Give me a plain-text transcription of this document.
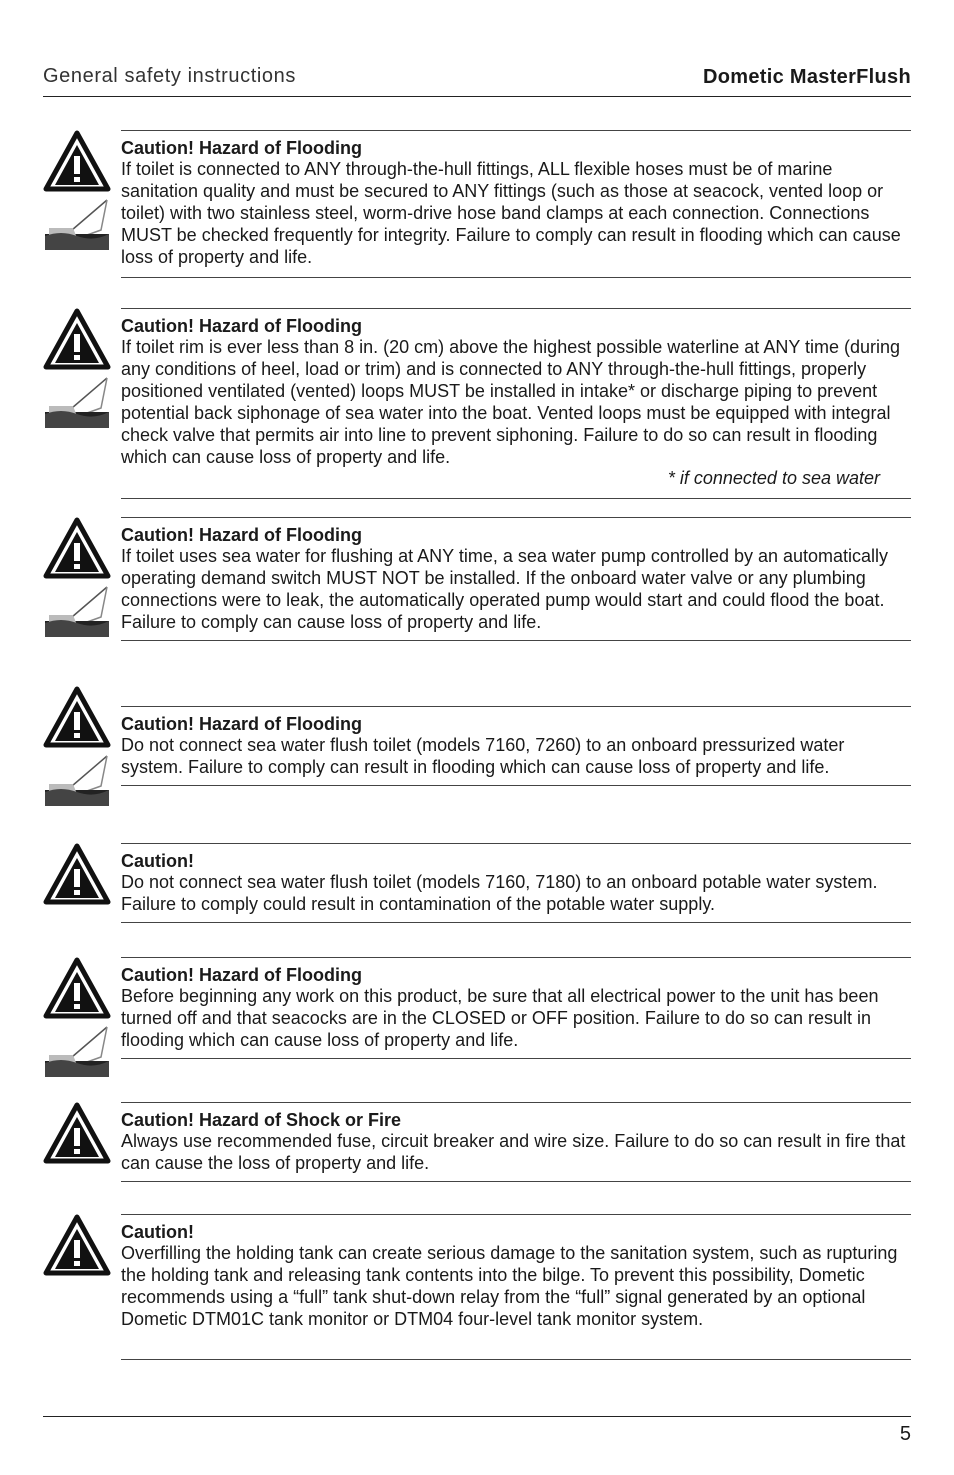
General safety instructions	Dometic MasterFlush
Caution! Hazard of Flooding
If toilet is connected to ANY through-the-hull fittings, ALL flexible hoses must be of marine sanitation quality and must be secured to ANY fittings (such as those at seacock, vented loop or toilet) with two stainless steel, worm-drive hose band clamps at each connection. Connections MUST be checked frequently for integrity. Failure to comply can result in flooding which can cause loss of property and life.
Caution! Hazard of Flooding
If toilet rim is ever less than 8 in. (20 cm) above the highest possible waterline at ANY time (during any conditions of heel, load or trim) and is connected to ANY through-the-hull fittings, properly positioned ventilated (vented) loops MUST be installed in intake* or discharge piping to prevent potential back siphonage of sea water into the boat. Vented loops must be equipped with integral check valve that permits air into line to prevent siphoning. Failure to do so can result in flooding which can cause loss of property and life.
* if connected to sea water
Caution! Hazard of Flooding
If toilet uses sea water for flushing at ANY time, a sea water pump controlled by an automatically operating demand switch MUST NOT be installed. If the onboard water valve or any plumbing connections were to leak, the automatically operated pump would start and could flood the boat. Failure to comply can cause loss of property and life.
Caution! Hazard of Flooding
Do not connect sea water flush toilet (models 7160, 7260) to an onboard pressurized water system. Failure to comply can result in flooding which can cause loss of property and life.
Caution!
Do not connect sea water flush toilet (models 7160, 7180) to an onboard potable water system. Failure to comply could result in contamination of the potable water supply.
Caution! Hazard of Flooding
Before beginning any work on this product, be sure that all electrical power to the unit has been turned off and that seacocks are in the CLOSED or OFF position. Failure to do so can result in flooding which can cause loss of property and life.
Caution! Hazard of Shock or Fire
Always use recommended fuse, circuit breaker and wire size. Failure to do so can result in fire that can cause the loss of property and life.
Caution!
Overfilling the holding tank can create serious damage to the sanitation system, such as rupturing the holding tank and releasing tank contents into the bilge. To prevent this possibility, Dometic recommends using a “full” tank shut-down relay from the “full” signal generated by an optional Dometic DTM01C tank monitor or DTM04 four-level tank monitor system.
5
